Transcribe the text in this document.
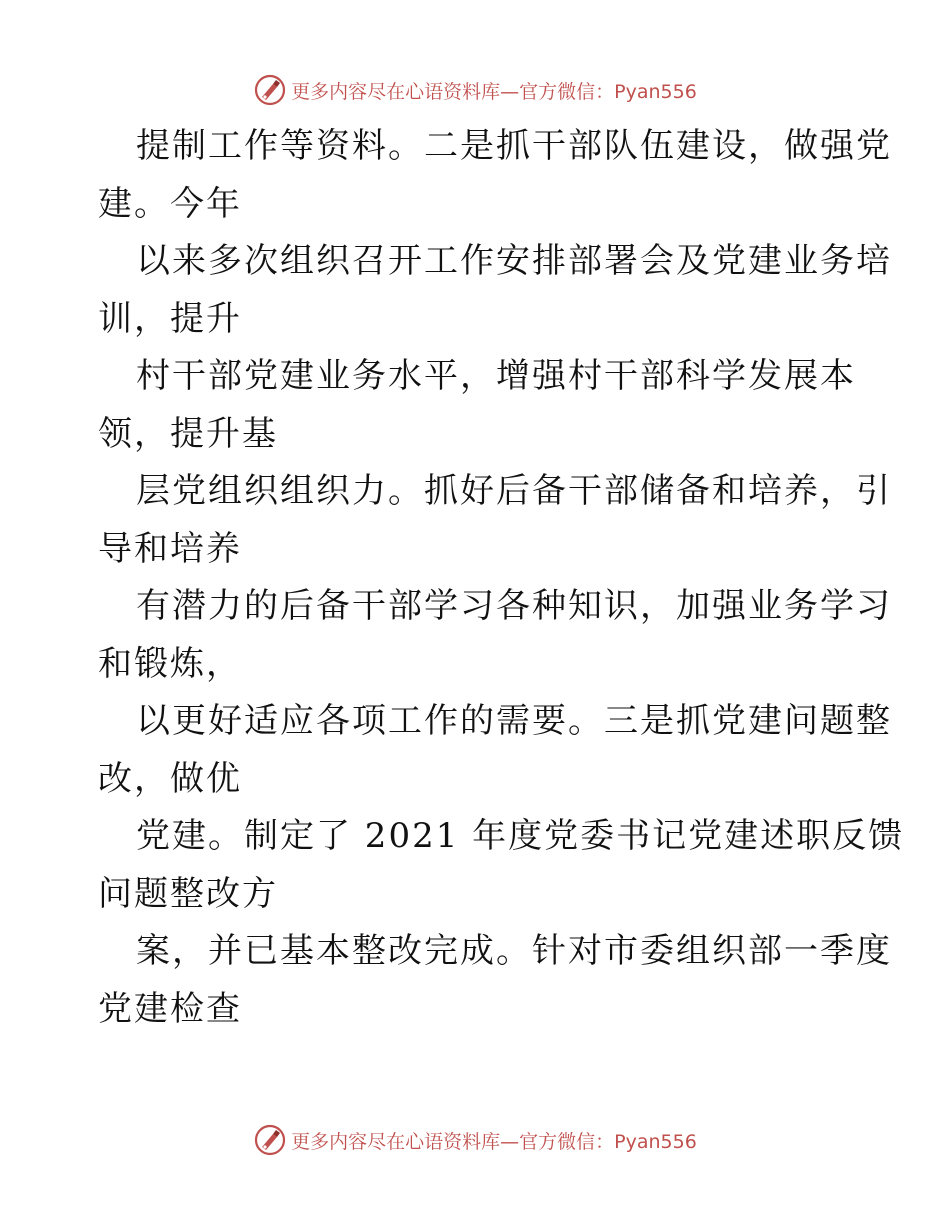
更多内容尽在心语资料库—官方微信：Pyan556
提制工作等资料。二是抓干部队伍建设，做强党
建。今年
以来多次组织召开工作安排部署会及党建业务培
训，提升
村干部党建业务水平，增强村干部科学发展本
领，提升基
层党组织组织力。抓好后备干部储备和培养，引
导和培养
有潜力的后备干部学习各种知识，加强业务学习
和锻炼，
以更好适应各项工作的需要。三是抓党建问题整
改，做优
党建。制定了 2021 年度党委书记党建述职反馈
问题整改方
案，并已基本整改完成。针对市委组织部一季度
党建检查
更多内容尽在心语资料库—官方微信：Pyan556
